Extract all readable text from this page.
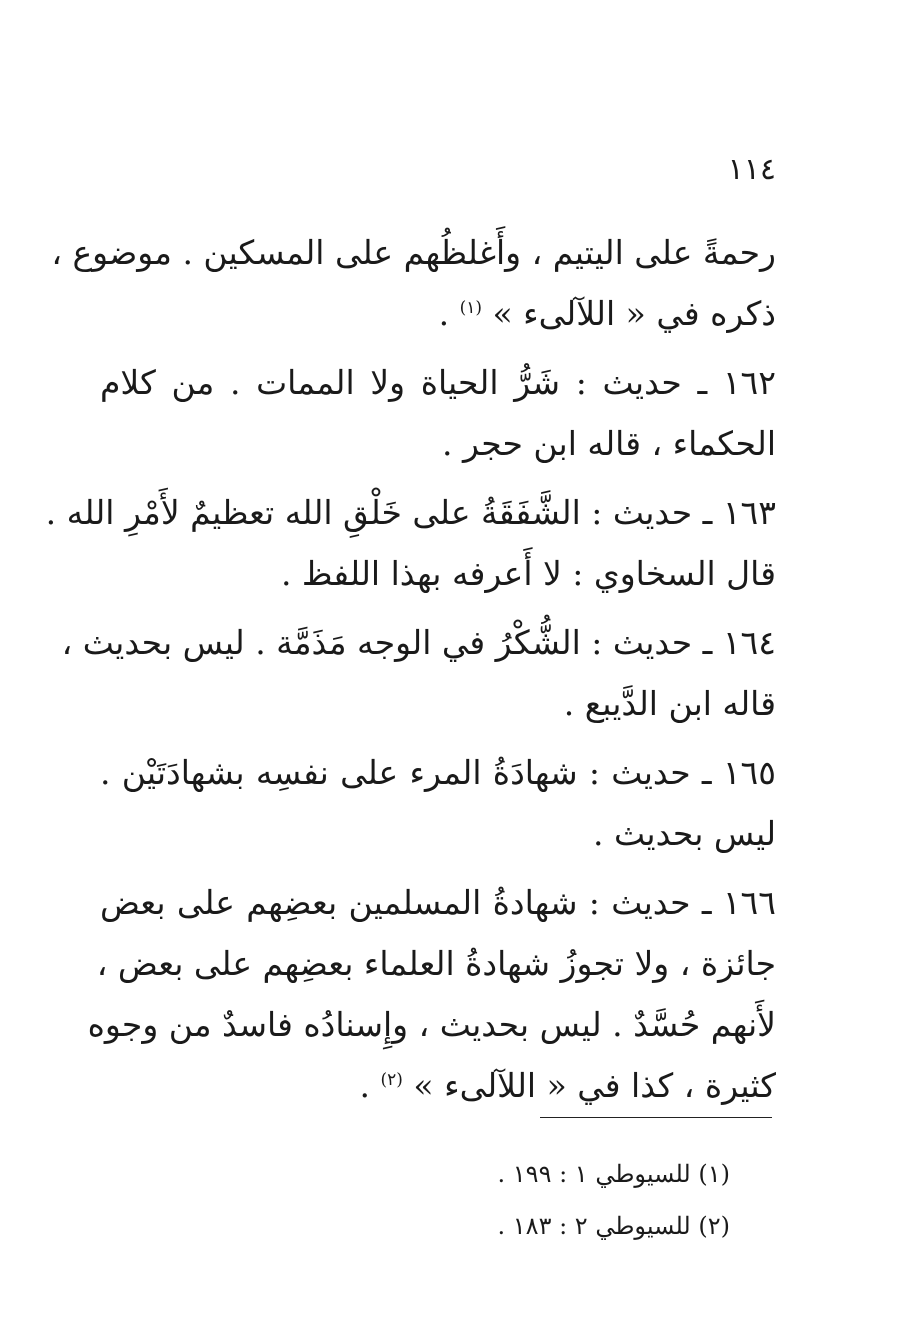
١١٤

رحمةً على اليتيم ، وأَغلظُهم على المسكين . موضوع ،
ذكره في « اللآلىء » $^{(١)}$ .

١٦٢ ـ حديث : شَرُّ الحياة ولا الممات . من كلام
الحكماء ، قاله ابن حجر .

١٦٣ ـ حديث : الشَّفَقَةُ على خَلْقِ الله تعظيمٌ لأَمْرِ الله .
قال السخاوي : لا أَعرفه بهذا اللفظ .

١٦٤ ـ حديث : الشُّكْرُ في الوجه مَذَمَّة . ليس بحديث ،
قاله ابن الدَّيبع .

١٦٥ ـ حديث : شهادَةُ المرء على نفسِه بشهادَتَيْن .
ليس بحديث .

١٦٦ ـ حديث : شهادةُ المسلمين بعضِهم على بعض
جائزة ، ولا تجوزُ شهادةُ العلماء بعضِهم على بعض ،
لأَنهم حُسَّدٌ . ليس بحديث ، وإِسنادُه فاسدٌ من وجوه
كثيرة ، كذا في « اللآلىء » $^{(٢)}$ .

(١) للسيوطي ١ : ١٩٩ .
(٢) للسيوطي ٢ : ١٨٣ .
